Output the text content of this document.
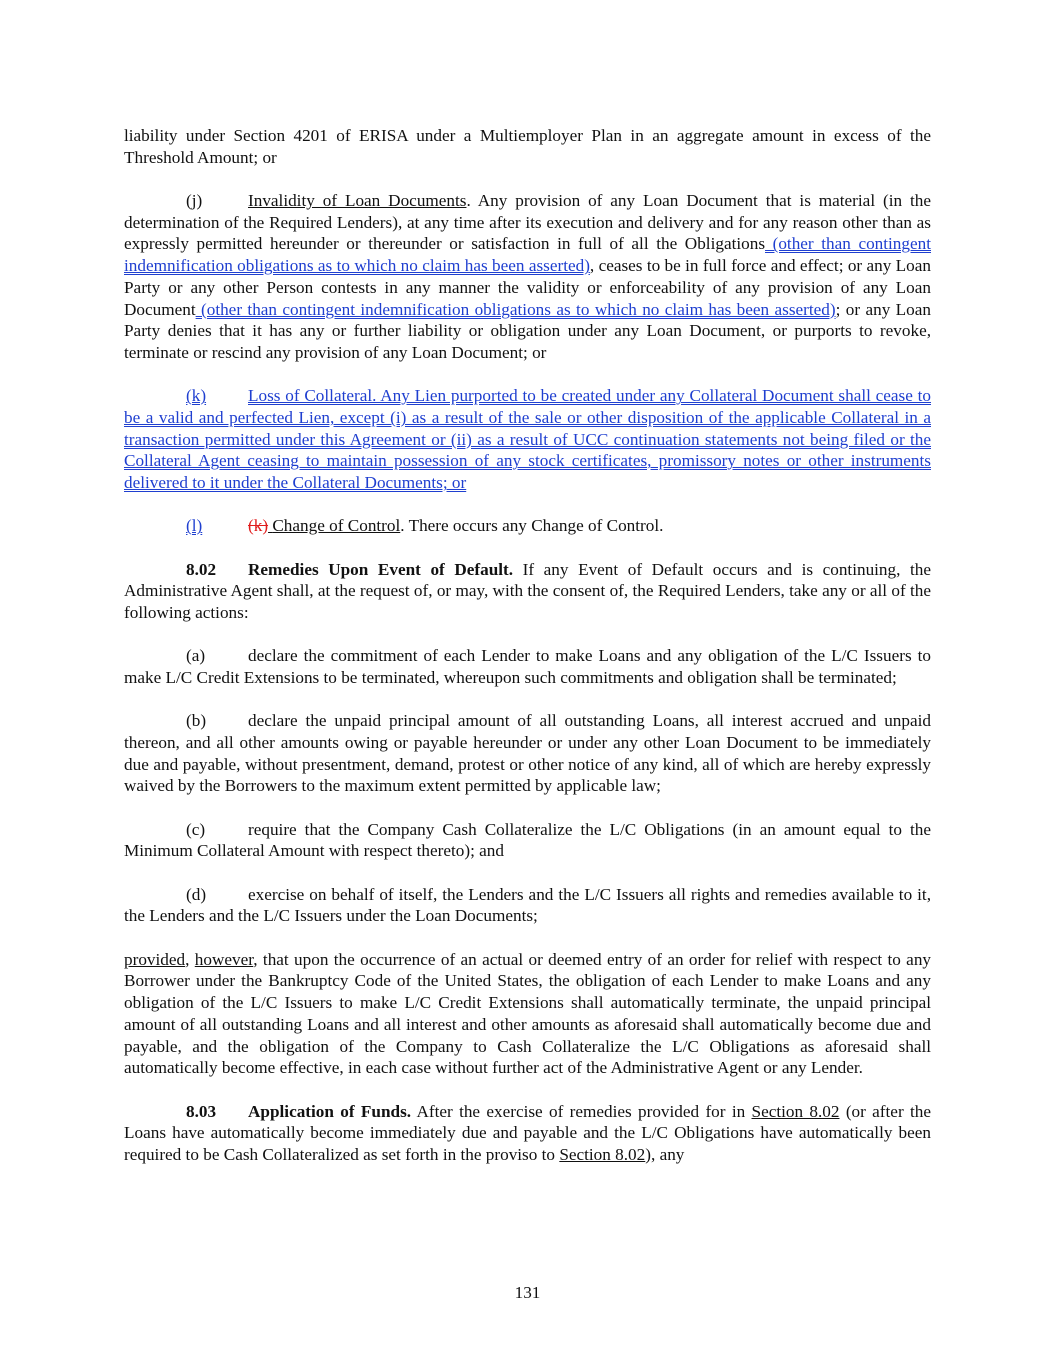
liability under Section 4201 of ERISA under a Multiemployer Plan in an aggregate amount in excess of the Threshold Amount; or

(j)	Invalidity of Loan Documents. Any provision of any Loan Document that is material (in the determination of the Required Lenders), at any time after its execution and delivery and for any reason other than as expressly permitted hereunder or thereunder or satisfaction in full of all the Obligations (other than contingent indemnification obligations as to which no claim has been asserted), ceases to be in full force and effect; or any Loan Party or any other Person contests in any manner the validity or enforceability of any provision of any Loan Document (other than contingent indemnification obligations as to which no claim has been asserted); or any Loan Party denies that it has any or further liability or obligation under any Loan Document, or purports to revoke, terminate or rescind any provision of any Loan Document; or

(k) Loss of Collateral. Any Lien purported to be created under any Collateral Document shall cease to be a valid and perfected Lien, except (i) as a result of the sale or other disposition of the applicable Collateral in a transaction permitted under this Agreement or (ii) as a result of UCC continuation statements not being filed or the Collateral Agent ceasing to maintain possession of any stock certificates, promissory notes or other instruments delivered to it under the Collateral Documents; or

(l)	(k) Change of Control. There occurs any Change of Control.

8.02 Remedies Upon Event of Default. If any Event of Default occurs and is continuing, the Administrative Agent shall, at the request of, or may, with the consent of, the Required Lenders, take any or all of the following actions:

(a) declare the commitment of each Lender to make Loans and any obligation of the L/C Issuers to make L/C Credit Extensions to be terminated, whereupon such commitments and obligation shall be terminated;

(b) declare the unpaid principal amount of all outstanding Loans, all interest accrued and unpaid thereon, and all other amounts owing or payable hereunder or under any other Loan Document to be immediately due and payable, without presentment, demand, protest or other notice of any kind, all of which are hereby expressly waived by the Borrowers to the maximum extent permitted by applicable law;

(c) require that the Company Cash Collateralize the L/C Obligations (in an amount equal to the Minimum Collateral Amount with respect thereto); and

(d) exercise on behalf of itself, the Lenders and the L/C Issuers all rights and remedies available to it, the Lenders and the L/C Issuers under the Loan Documents;

provided, however, that upon the occurrence of an actual or deemed entry of an order for relief with respect to any Borrower under the Bankruptcy Code of the United States, the obligation of each Lender to make Loans and any obligation of the L/C Issuers to make L/C Credit Extensions shall automatically terminate, the unpaid principal amount of all outstanding Loans and all interest and other amounts as aforesaid shall automatically become due and payable, and the obligation of the Company to Cash Collateralize the L/C Obligations as aforesaid shall automatically become effective, in each case without further act of the Administrative Agent or any Lender.

8.03 Application of Funds. After the exercise of remedies provided for in Section 8.02 (or after the Loans have automatically become immediately due and payable and the L/C Obligations have automatically been required to be Cash Collateralized as set forth in the proviso to Section 8.02), any

131
